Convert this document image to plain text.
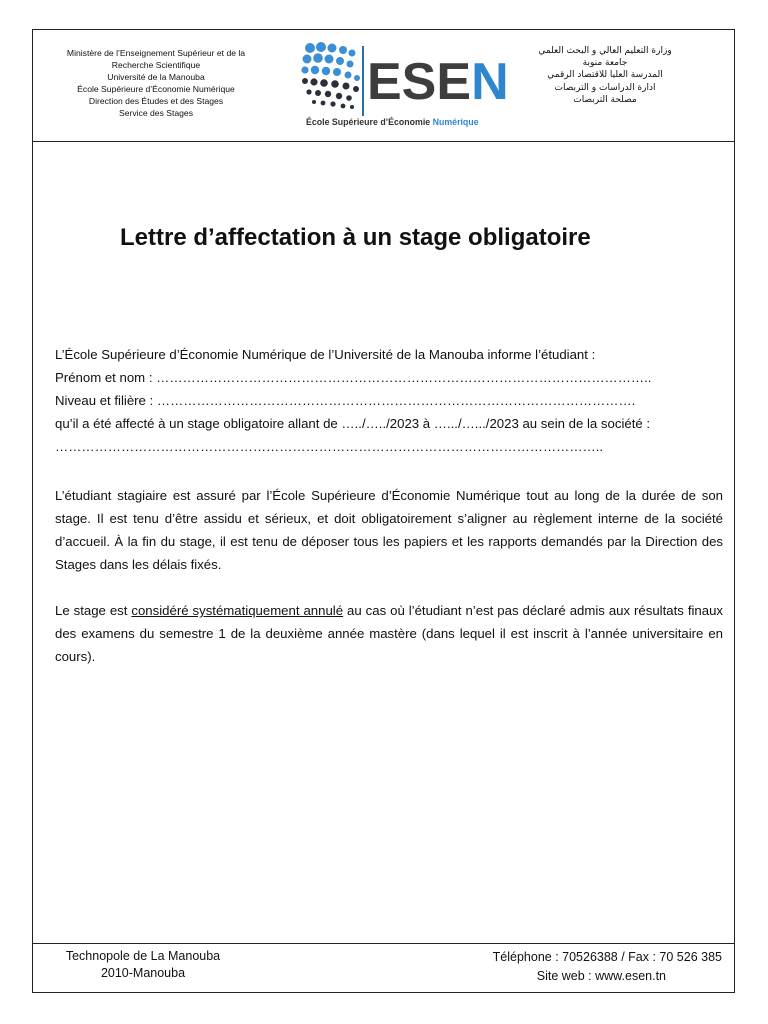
Ministère de l’Enseignement Supérieur et de la
Recherche Scientifique
Université de la Manouba
École Supérieure d’Économie Numérique
Direction des Études et des Stages
Service des Stages
ESEN
École Supérieure d’Économie Numérique
وزارة التعليم العالي و البحث العلمي
جامعة منوبة
المدرسة العليا للاقتصاد الرقمي
ادارة الدراسات و التربصات
مصلحة التربصات
Lettre d’affectation à un stage obligatoire

L’École Supérieure d’Économie Numérique de l’Université de la Manouba informe l’étudiant :
Prénom et nom : …………………………………………………………………………………………………..
Niveau et filière : ……………………………………………………………………………………………….
qu’il a été affecté à un stage obligatoire allant de …../…../2023 à ….../….../2023 au sein de la société :
……………………………………………………………………………………………………………..

L’étudiant stagiaire est assuré par l’École Supérieure d’Économie Numérique tout au long de la durée de son stage. Il est tenu d’être assidu et sérieux, et doit obligatoirement s’aligner au règlement interne de la société d’accueil. À la fin du stage, il est tenu de déposer tous les papiers et les rapports demandés par la Direction des Stages dans les délais fixés.

Le stage est considéré systématiquement annulé au cas où l’étudiant n’est pas déclaré admis aux résultats finaux des examens du semestre 1 de la deuxième année mastère (dans lequel il est inscrit à l’année universitaire en cours).

Technopole de La Manouba
2010-Manouba
Téléphone : 70526388 / Fax : 70 526 385
Site web : www.esen.tn
